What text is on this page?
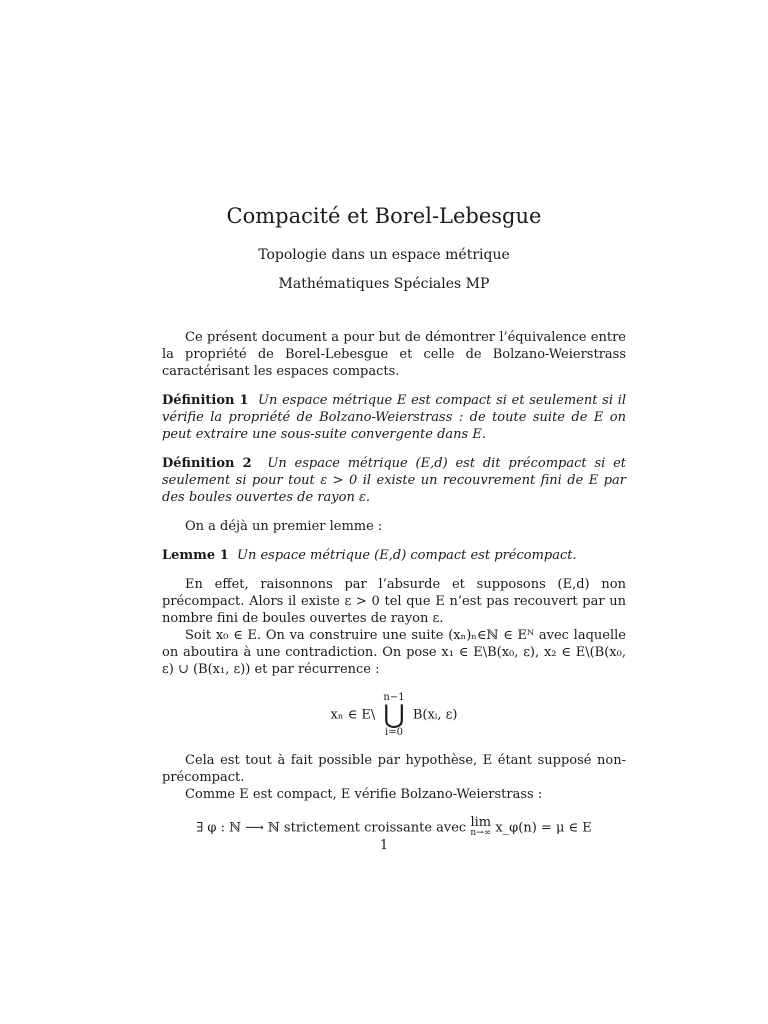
Compacité et Borel-Lebesgue
Topologie dans un espace métrique
Mathématiques Spéciales MP

Ce présent document a pour but de démontrer l’équivalence entre la propriété de Borel-Lebesgue et celle de Bolzano-Weierstrass caractérisant les espaces compacts.

Définition 1 Un espace métrique E est compact si et seulement si il vérifie la propriété de Bolzano-Weierstrass : de toute suite de E on peut extraire une sous-suite convergente dans E.

Définition 2 Un espace métrique (E,d) est dit précompact si et seulement si pour tout ε > 0 il existe un recouvrement fini de E par des boules ouvertes de rayon ε.

On a déjà un premier lemme :

Lemme 1 Un espace métrique (E,d) compact est précompact.

En effet, raisonnons par l’absurde et supposons (E,d) non précompact. Alors il existe ε > 0 tel que E n’est pas recouvert par un nombre fini de boules ouvertes de rayon ε.

Soit x₀ ∈ E. On va construire une suite (xₙ)ₙ∈ℕ ∈ Eᴺ avec laquelle on aboutira à une contradiction. On pose x₁ ∈ E\B(x₀, ε), x₂ ∈ E\(B(x₀, ε) ∪ (B(x₁, ε)) et par récurrence :

xₙ ∈ E\
n−1
⋃
i=0
B(xᵢ, ε)

Cela est tout à fait possible par hypothèse, E étant supposé non-précompact.

Comme E est compact, E vérifie Bolzano-Weierstrass :

∃ φ : ℕ ⟶ ℕ strictement croissante avec lim
n→∞ x_φ(n) = μ ∈ E
1
